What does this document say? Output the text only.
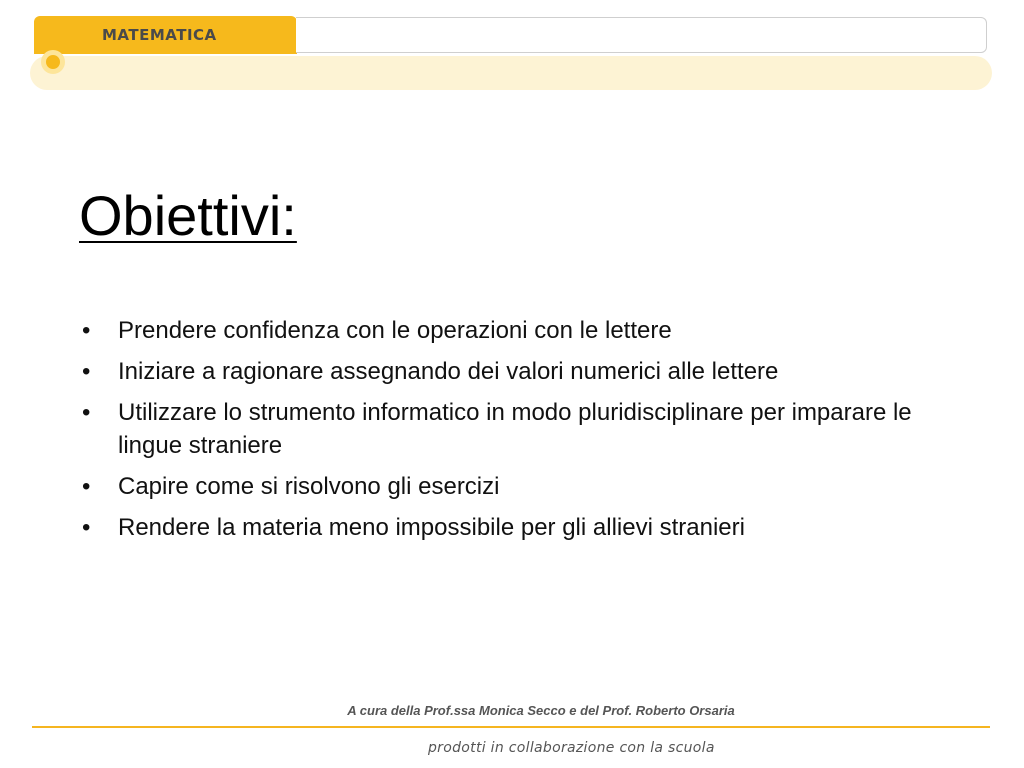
MATEMATICA
Obiettivi:
• Prendere confidenza con le operazioni con le lettere
• Iniziare a ragionare assegnando dei valori numerici alle lettere
• Utilizzare lo strumento informatico in modo pluridisciplinare per imparare le lingue straniere
• Capire come si risolvono gli esercizi
• Rendere la materia meno impossibile per gli allievi stranieri
A cura della Prof.ssa Monica Secco e del Prof. Roberto Orsaria
prodotti in collaborazione con la scuola
